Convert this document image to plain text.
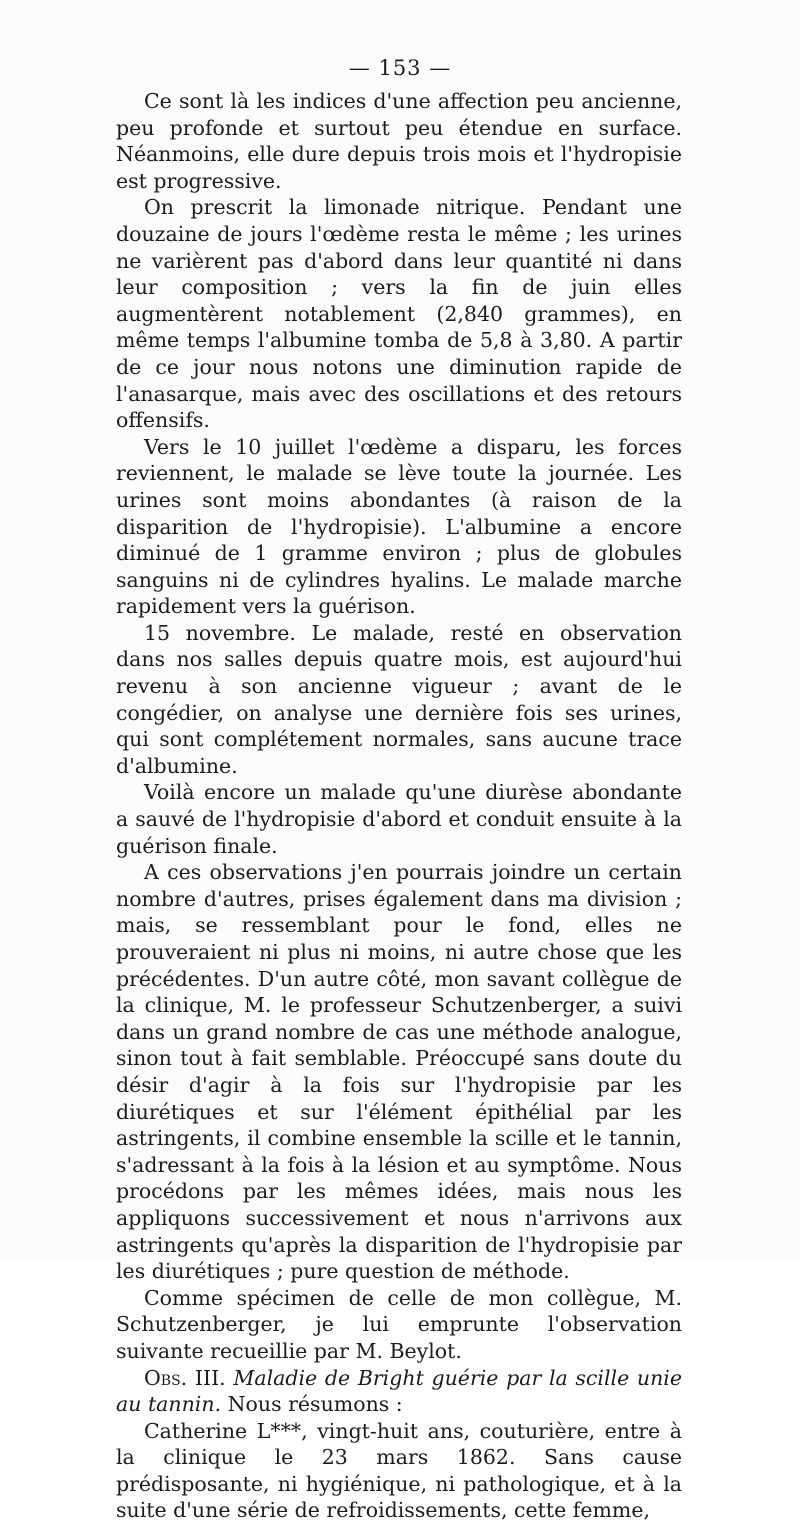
— 153 —

Ce sont là les indices d'une affection peu ancienne, peu profonde et surtout peu étendue en surface. Néanmoins, elle dure depuis trois mois et l'hydropisie est progressive.

On prescrit la limonade nitrique. Pendant une douzaine de jours l'œdème resta le même ; les urines ne varièrent pas d'abord dans leur quantité ni dans leur composition ; vers la fin de juin elles augmentèrent notablement (2,840 grammes), en même temps l'albumine tomba de 5,8 à 3,80. A partir de ce jour nous notons une diminution rapide de l'anasarque, mais avec des oscillations et des retours offensifs.

Vers le 10 juillet l'œdème a disparu, les forces reviennent, le malade se lève toute la journée. Les urines sont moins abondantes (à raison de la disparition de l'hydropisie). L'albumine a encore diminué de 1 gramme environ ; plus de globules sanguins ni de cylindres hyalins. Le malade marche rapidement vers la guérison.

15 novembre. Le malade, resté en observation dans nos salles depuis quatre mois, est aujourd'hui revenu à son ancienne vigueur ; avant de le congédier, on analyse une dernière fois ses urines, qui sont complétement normales, sans aucune trace d'albumine.

Voilà encore un malade qu'une diurèse abondante a sauvé de l'hydropisie d'abord et conduit ensuite à la guérison finale.

A ces observations j'en pourrais joindre un certain nombre d'autres, prises également dans ma division ; mais, se ressemblant pour le fond, elles ne prouveraient ni plus ni moins, ni autre chose que les précédentes. D'un autre côté, mon savant collègue de la clinique, M. le professeur Schutzenberger, a suivi dans un grand nombre de cas une méthode analogue, sinon tout à fait semblable. Préoccupé sans doute du désir d'agir à la fois sur l'hydropisie par les diurétiques et sur l'élément épithélial par les astringents, il combine ensemble la scille et le tannin, s'adressant à la fois à la lésion et au symptôme. Nous procédons par les mêmes idées, mais nous les appliquons successivement et nous n'arrivons aux astringents qu'après la disparition de l'hydropisie par les diurétiques ; pure question de méthode.

Comme spécimen de celle de mon collègue, M. Schutzenberger, je lui emprunte l'observation suivante recueillie par M. Beylot.

Obs. III. Maladie de Bright guérie par la scille unie au tannin. Nous résumons :

Catherine L***, vingt-huit ans, couturière, entre à la clinique le 23 mars 1862. Sans cause prédisposante, ni hygiénique, ni pathologique, et à la suite d'une série de refroidissements, cette femme,
